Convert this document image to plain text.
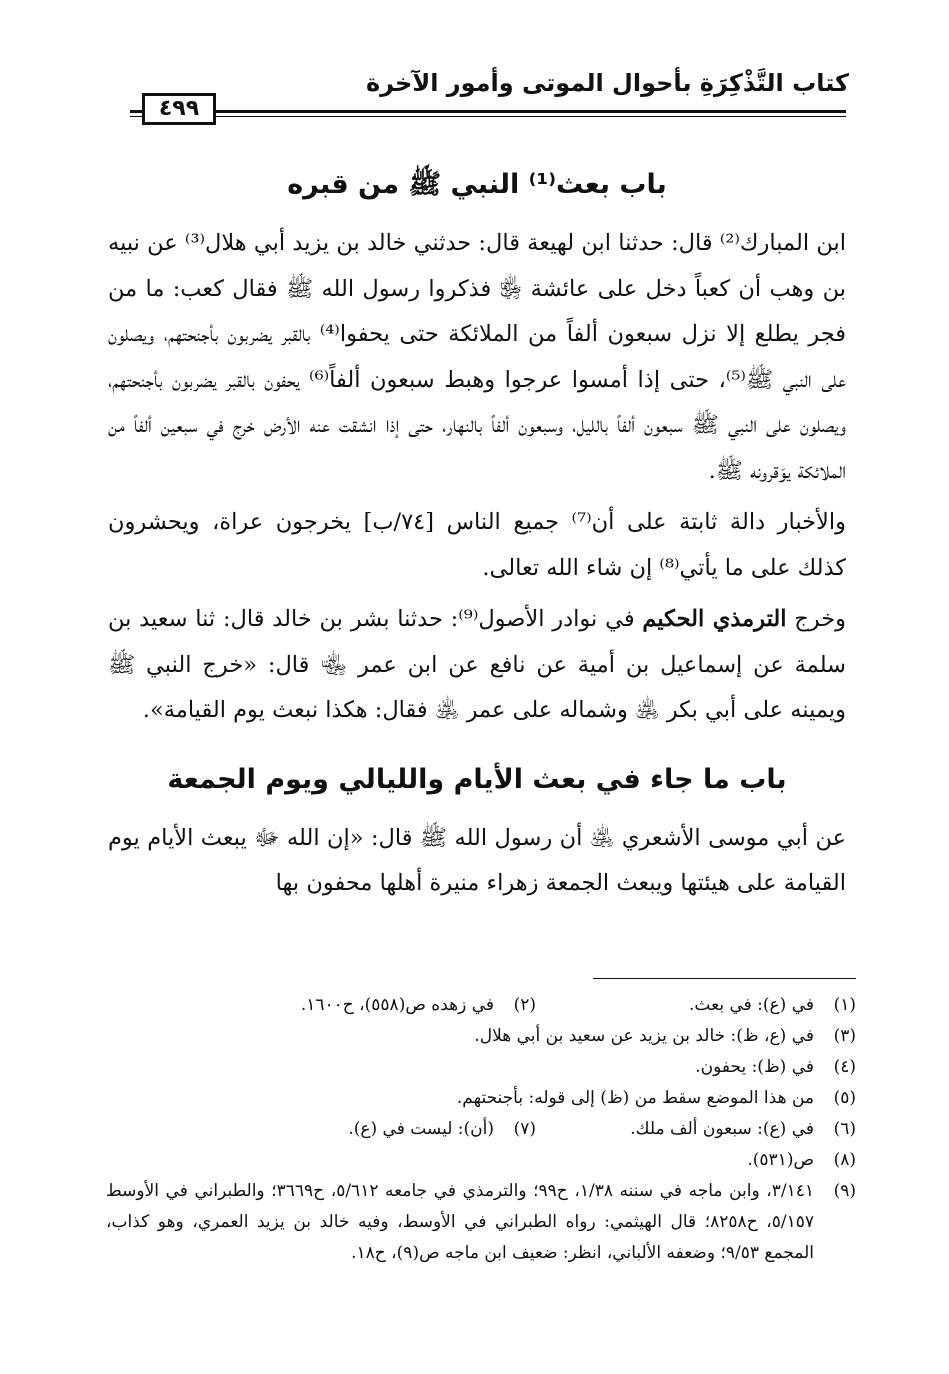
كتاب التَّذْكِرَةِ بأحوال الموتى وأمور الآخرة
٤٩٩
باب بعث⁽¹⁾ النبي ﷺ من قبره

ابن المبارك⁽²⁾ قال: حدثنا ابن لهيعة قال: حدثني خالد بن يزيد أبي هلال⁽³⁾ عن نبيه بن وهب أن كعباً دخل على عائشة ﵂ فذكروا رسول الله ﷺ فقال كعب: ما من فجر يطلع إلا نزل سبعون ألفاً من الملائكة حتى يحفوا⁽⁴⁾ بالقبر يضربون بأجنحتهم، ويصلون على النبي ﷺ⁽⁵⁾، حتى إذا أمسوا عرجوا وهبط سبعون ألفاً⁽⁶⁾ يحفون بالقبر يضربون بأجنحتهم، ويصلون على النبي ﷺ سبعون ألفاً بالليل، وسبعون ألفاً بالنهار، حتى إذا انشقت عنه الأرض خرج في سبعين ألفاً من الملائكة يوَقرونه ﷺ.

والأخبار دالة ثابتة على أن⁽⁷⁾ جميع الناس [٧٤/ب] يخرجون عراة، ويحشرون كذلك على ما يأتي⁽⁸⁾ إن شاء الله تعالى.

وخرج الترمذي الحكيم في نوادر الأصول⁽⁹⁾: حدثنا بشر بن خالد قال: ثنا سعيد بن سلمة عن إسماعيل بن أمية عن نافع عن ابن عمر ﵄ قال: «خرج النبي ﷺ ويمينه على أبي بكر ﵁ وشماله على عمر ﵁ فقال: هكذا نبعث يوم القيامة».

باب ما جاء في بعث الأيام والليالي ويوم الجمعة

عن أبي موسى الأشعري ﵁ أن رسول الله ﷺ قال: «إن الله ﷻ يبعث الأيام يوم القيامة على هيئتها ويبعث الجمعة زهراء منيرة أهلها محفون بها

(١)
في (ع): في بعث.
(٢)
في زهده ص(٥٥٨)، ح١٦٠٠.
(٣)
في (ع، ظ): خالد بن يزيد عن سعيد بن أبي هلال.
(٤)
في (ظ): يحفون.
(٥)
من هذا الموضع سقط من (ظ) إلى قوله: بأجنحتهم.
(٦)
في (ع): سبعون ألف ملك.
(٧)
(أن): ليست في (ع).
(٨)
ص(٥٣١).
(٩)
٣/١٤١، وابن ماجه في سننه ١/٣٨، ح٩٩؛ والترمذي في جامعه ٥/٦١٢، ح٣٦٦٩؛ والطبراني في الأوسط ٥/١٥٧، ح٨٢٥٨؛ قال الهيثمي: رواه الطبراني في الأوسط، وفيه خالد بن يزيد العمري، وهو كذاب، المجمع ٩/٥٣؛ وضعفه الألباني، انظر: ضعيف ابن ماجه ص(٩)، ح١٨.
